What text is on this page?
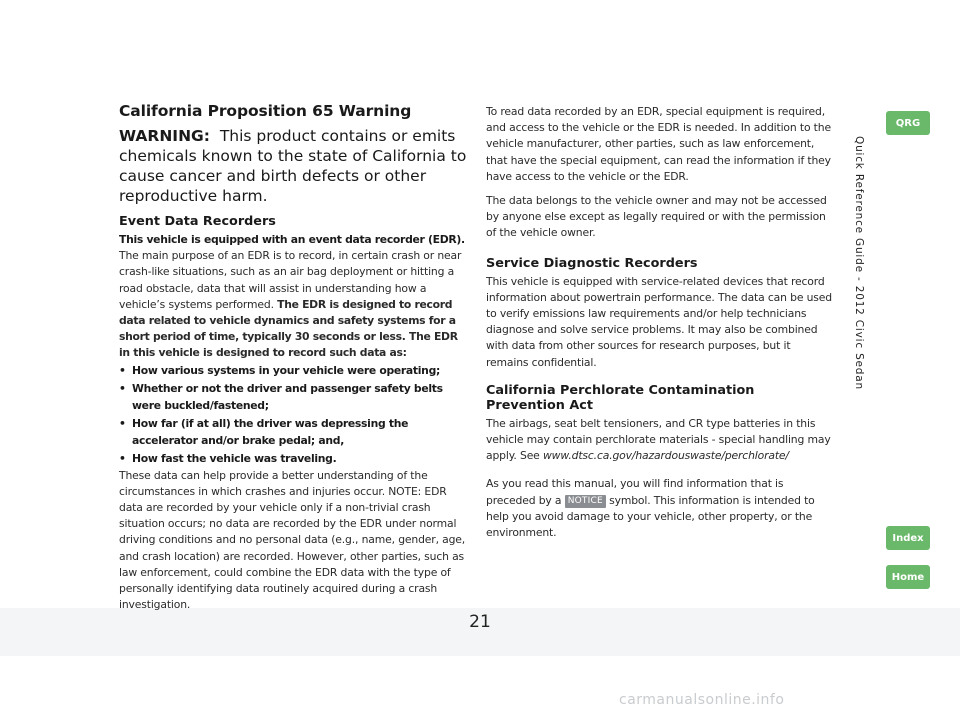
21
California Proposition 65 Warning
WARNING: This product contains or emits chemicals known to the state of California to cause cancer and birth defects or other reproductive harm.
Event Data Recorders
This vehicle is equipped with an event data recorder (EDR).
The main purpose of an EDR is to record, in certain crash or near crash-like situations, such as an air bag deployment or hitting a road obstacle, data that will assist in understanding how a vehicle’s systems performed. The EDR is designed to record data related to vehicle dynamics and safety systems for a short period of time, typically 30 seconds or less. The EDR in this vehicle is designed to record such data as:
• How various systems in your vehicle were operating;
• Whether or not the driver and passenger safety belts were buckled/fastened;
• How far (if at all) the driver was depressing the accelerator and/or brake pedal; and,
• How fast the vehicle was traveling.
These data can help provide a better understanding of the circumstances in which crashes and injuries occur. NOTE: EDR data are recorded by your vehicle only if a non-trivial crash situation occurs; no data are recorded by the EDR under normal driving conditions and no personal data (e.g., name, gender, age, and crash location) are recorded. However, other parties, such as law enforcement, could combine the EDR data with the type of personally identifying data routinely acquired during a crash investigation.
To read data recorded by an EDR, special equipment is required, and access to the vehicle or the EDR is needed. In addition to the vehicle manufacturer, other parties, such as law enforcement, that have the special equipment, can read the information if they have access to the vehicle or the EDR.
The data belongs to the vehicle owner and may not be accessed by anyone else except as legally required or with the permission of the vehicle owner.
Service Diagnostic Recorders
This vehicle is equipped with service-related devices that record information about powertrain performance. The data can be used to verify emissions law requirements and/or help technicians diagnose and solve service problems. It may also be combined with data from other sources for research purposes, but it remains confidential.
California Perchlorate Contamination Prevention Act
The airbags, seat belt tensioners, and CR type batteries in this vehicle may contain perchlorate materials - special handling may apply. See www.dtsc.ca.gov/hazardouswaste/perchlorate/
As you read this manual, you will find information that is preceded by a NOTICE symbol. This information is intended to help you avoid damage to your vehicle, other property, or the environment.
QRG
Quick Reference Guide - 2012 Civic Sedan
Index
Home
carmanualsonline.info
